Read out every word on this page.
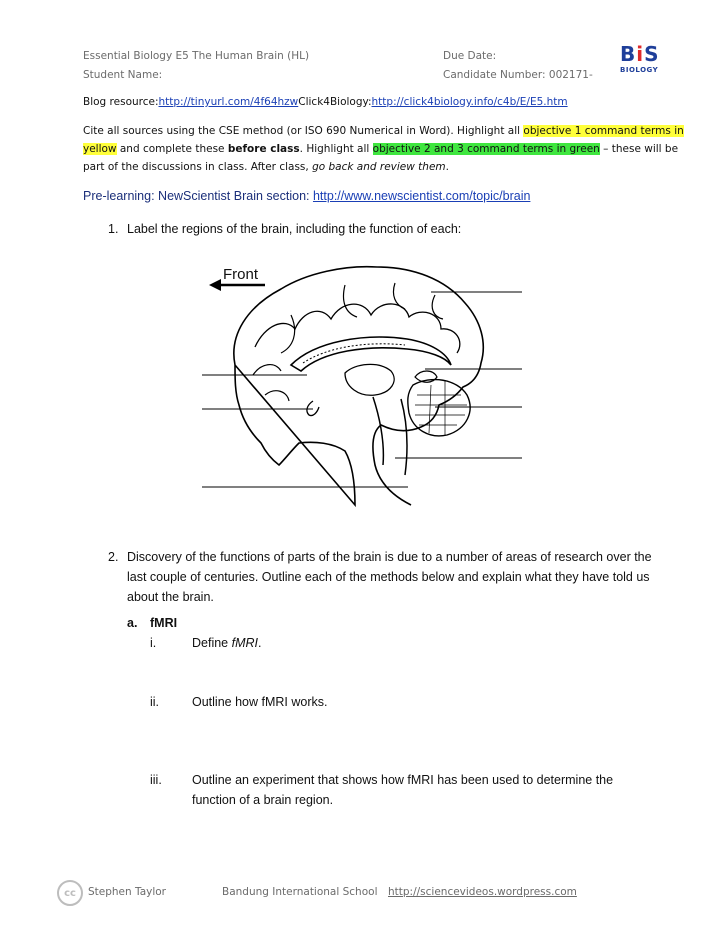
Essential Biology E5 The Human Brain (HL)	Due Date:
Student Name:	Candidate Number: 002171-
BiS
BIOLOGY
Blog resource:http://tinyurl.com/4f64hzwClick4Biology:http://click4biology.info/c4b/E/E5.htm
Cite all sources using the CSE method (or ISO 690 Numerical in Word). Highlight all objective 1 command terms in
yellow and complete these before class. Highlight all objective 2 and 3 command terms in green – these will be
part of the discussions in class. After class, go back and review them.
Pre-learning: NewScientist Brain section: http://www.newscientist.com/topic/brain
1. Label the regions of the brain, including the function of each:
Front
2. Discovery of the functions of parts of the brain is due to a number of areas of research over the
last couple of centuries. Outline each of the methods below and explain what they have told us
about the brain.
a. fMRI
i.	Define fMRI.
ii.	Outline how fMRI works.
iii. Outline an experiment that shows how fMRI has been used to determine the
function of a brain region.
cc	Stephen Taylor	Bandung International School http://sciencevideos.wordpress.com
